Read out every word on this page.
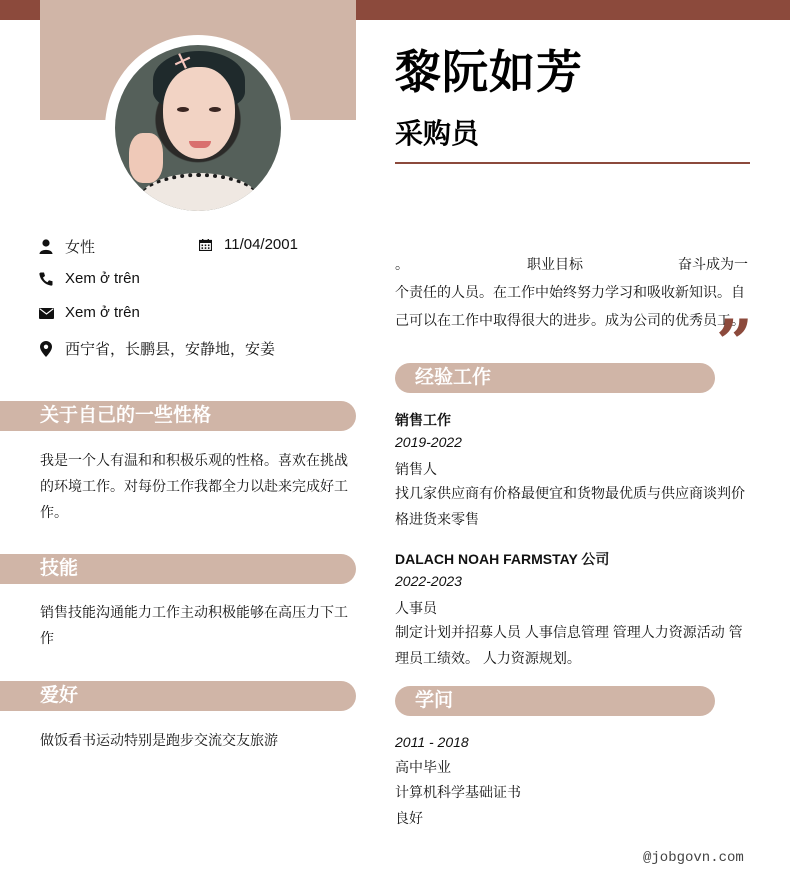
✕	黎阮如芳
采购员
女性	11/04/2001
Xem ở trên
Xem ở trên
西宁省，长鹏县，安静地，安姜
关于自己的一些性格
我是一个人有温和和积极乐观的性格。喜欢在挑战的环境工作。对每份工作我都全力以赴来完成好工作。
技能
销售技能沟通能力工作主动积极能够在高压力下工作
爱好
做饭看书运动特别是跑步交流交友旅游
。	职业目标	奋斗成为一个责任的人员。在工作中始终努力学习和吸收新知识。自己可以在工作中取得很大的进步。成为公司的优秀员工。
”
经验工作
销售工作
2019-2022
销售人
找几家供应商有价格最便宜和货物最优质与供应商谈判价格进货来零售
DALACH NOAH FARMSTAY 公司
2022-2023
人事员
制定计划并招募人员 人事信息管理 管理人力资源活动 管理员工绩效。 人力资源规划。
学问
2011 - 2018
高中毕业
计算机科学基础证书
良好
@jobgovn.com
